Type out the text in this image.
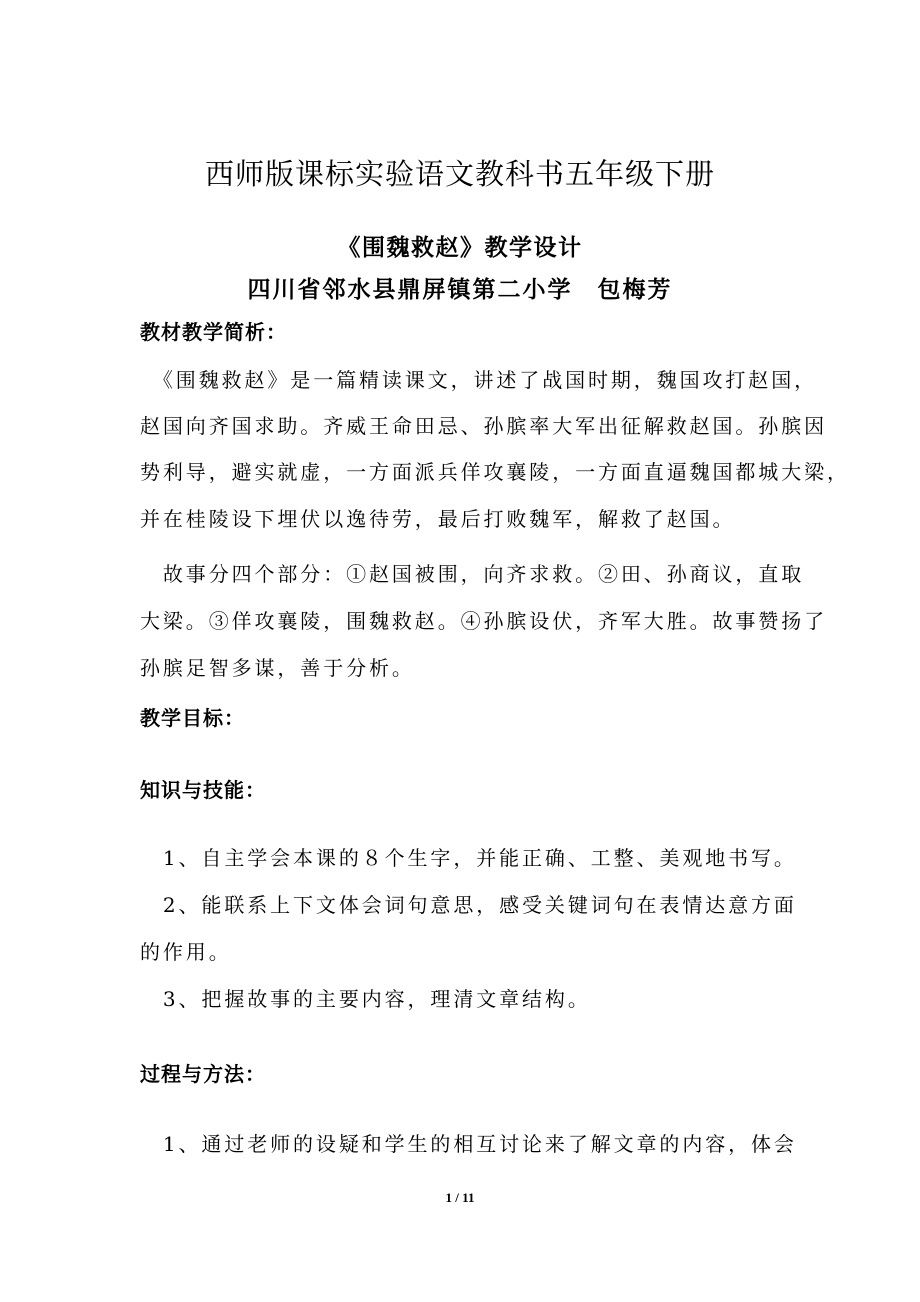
西师版课标实验语文教科书五年级下册
《围魏救赵》教学设计
四川省邻水县鼎屏镇第二小学　包梅芳
教材教学简析：
　《围魏救赵》是一篇精读课文，讲述了战国时期，魏国攻打赵国，
赵国向齐国求助。齐威王命田忌、孙膑率大军出征解救赵国。孙膑因
势利导，避实就虚，一方面派兵佯攻襄陵，一方面直逼魏国都城大梁，
并在桂陵设下埋伏以逸待劳，最后打败魏军，解救了赵国。
　故事分四个部分：①赵国被围，向齐求救。②田、孙商议，直取
大梁。③佯攻襄陵，围魏救赵。④孙膑设伏，齐军大胜。故事赞扬了
孙膑足智多谋，善于分析。
教学目标：
知识与技能：
　1、自主学会本课的８个生字，并能正确、工整、美观地书写。
　2、能联系上下文体会词句意思，感受关键词句在表情达意方面
的作用。
　3、把握故事的主要内容，理清文章结构。
过程与方法：
　1、通过老师的设疑和学生的相互讨论来了解文章的内容，体会
1 / 11
